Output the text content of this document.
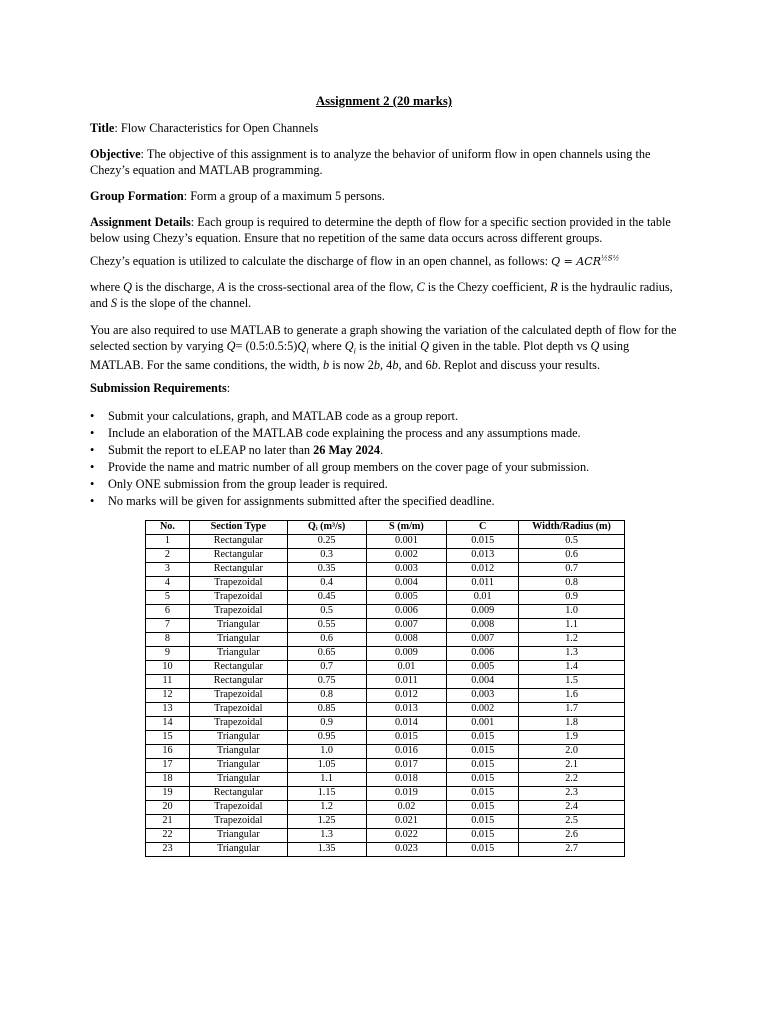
Assignment 2 (20 marks)

Title: Flow Characteristics for Open Channels

Objective: The objective of this assignment is to analyze the behavior of uniform flow in open channels using the Chezy’s equation and MATLAB programming.

Group Formation: Form a group of a maximum 5 persons.

Assignment Details: Each group is required to determine the depth of flow for a specific section provided in the table below using Chezy’s equation. Ensure that no repetition of the same data occurs across different groups.

Chezy’s equation is utilized to calculate the discharge of flow in an open channel, as follows: $Q = ACR^{\frac{1}{2}S\frac{1}{2}}$

where Q is the discharge, A is the cross-sectional area of the flow, C is the Chezy coefficient, R is the hydraulic radius, and S is the slope of the channel.

You are also required to use MATLAB to generate a graph showing the variation of the calculated depth of flow for the selected section by varying $Q= (0.5:0.5:5)Q_i$ where $Q_i$ is the initial Q given in the table. Plot depth vs Q using MATLAB. For the same conditions, the width, b is now 2b, 4b, and 6b. Replot and discuss your results.

Submission Requirements:

• Submit your calculations, graph, and MATLAB code as a group report.
• Include an elaboration of the MATLAB code explaining the process and any assumptions made.
• Submit the report to eLEAP no later than 26 May 2024.
• Provide the name and matric number of all group members on the cover page of your submission.
• Only ONE submission from the group leader is required.
• No marks will be given for assignments submitted after the specified deadline.
No.	Section Type	Qᵢ (m³/s)	S (m/m)	C	Width/Radius (m)
1	Rectangular	0.25	0.001	0.015	0.5
2	Rectangular	0.3	0.002	0.013	0.6
3	Rectangular	0.35	0.003	0.012	0.7
4	Trapezoidal	0.4	0.004	0.011	0.8
5	Trapezoidal	0.45	0.005	0.01	0.9
6	Trapezoidal	0.5	0.006	0.009	1.0
7	Triangular	0.55	0.007	0.008	1.1
8	Triangular	0.6	0.008	0.007	1.2
9	Triangular	0.65	0.009	0.006	1.3
10	Rectangular	0.7	0.01	0.005	1.4
11	Rectangular	0.75	0.011	0.004	1.5
12	Trapezoidal	0.8	0.012	0.003	1.6
13	Trapezoidal	0.85	0.013	0.002	1.7
14	Trapezoidal	0.9	0.014	0.001	1.8
15	Triangular	0.95	0.015	0.015	1.9
16	Triangular	1.0	0.016	0.015	2.0
17	Triangular	1.05	0.017	0.015	2.1
18	Triangular	1.1	0.018	0.015	2.2
19	Rectangular	1.15	0.019	0.015	2.3
20	Trapezoidal	1.2	0.02	0.015	2.4
21	Trapezoidal	1.25	0.021	0.015	2.5
22	Triangular	1.3	0.022	0.015	2.6
23	Triangular	1.35	0.023	0.015	2.7
